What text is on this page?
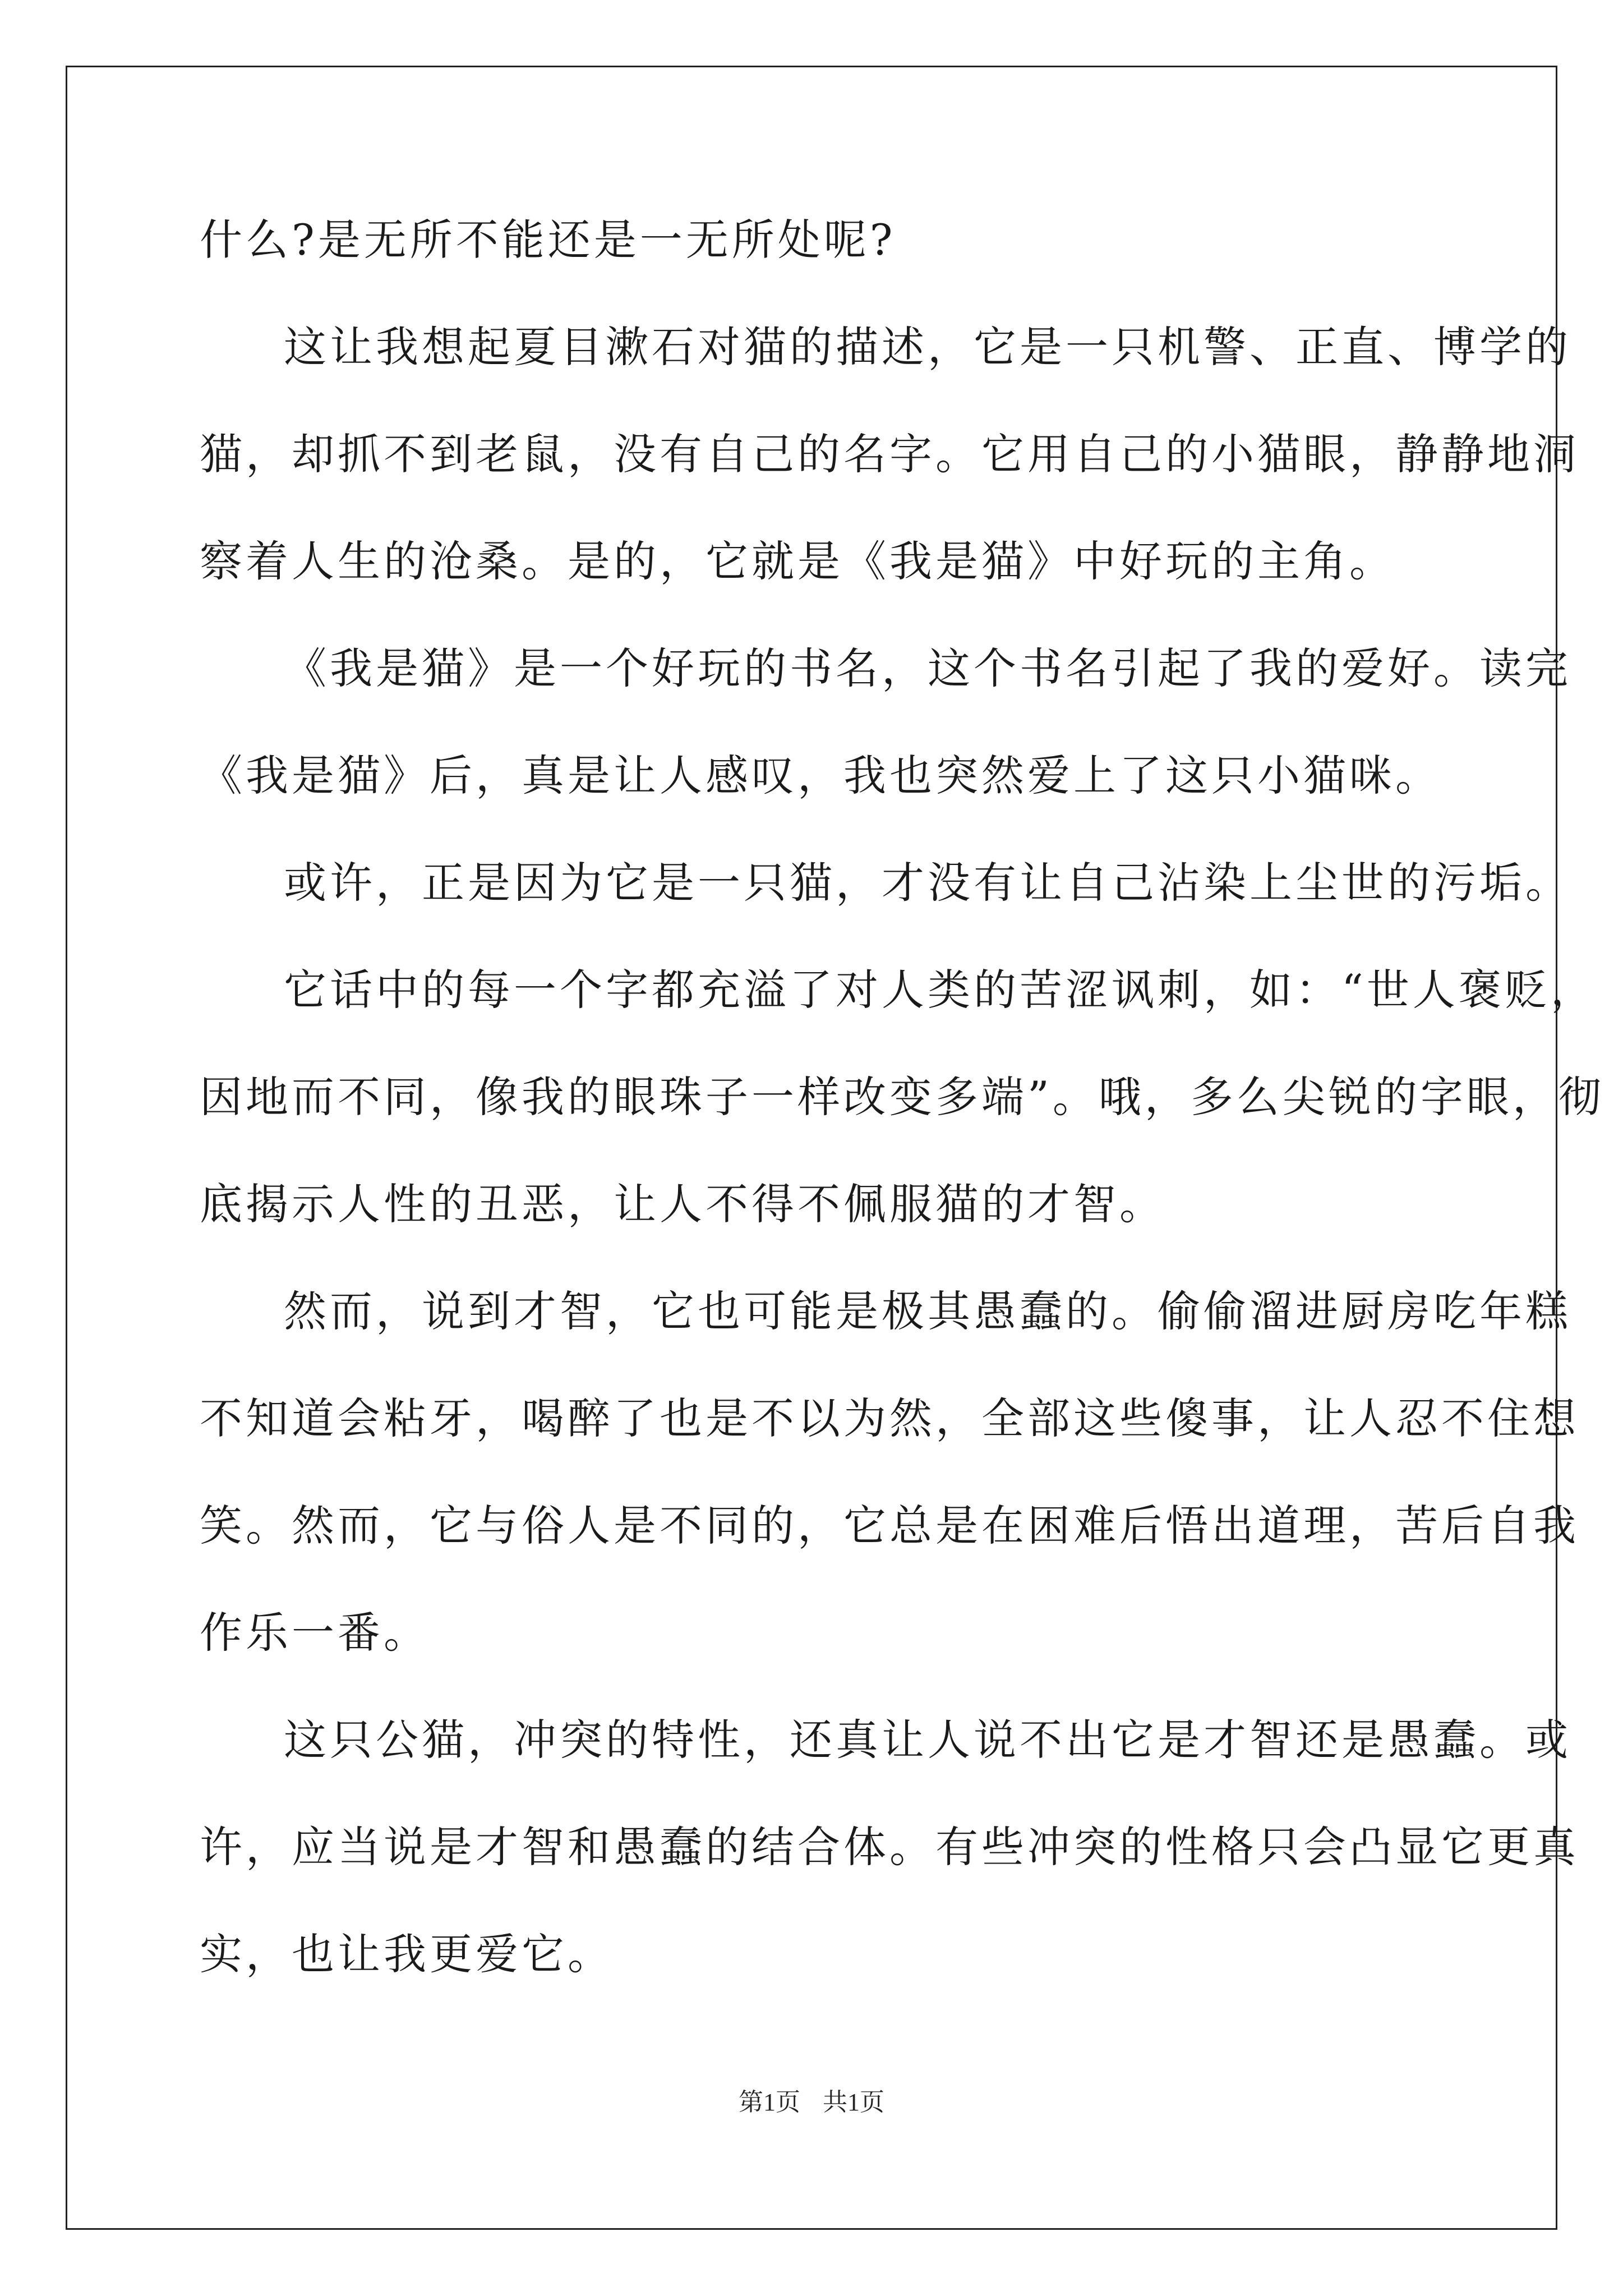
什么?是无所不能还是一无所处呢?

这让我想起夏目漱石对猫的描述，它是一只机警、正直、博学的

猫，却抓不到老鼠，没有自己的名字。它用自己的小猫眼，静静地洞

察着人生的沧桑。是的，它就是《我是猫》中好玩的主角。

《我是猫》是一个好玩的书名，这个书名引起了我的爱好。读完

《我是猫》后，真是让人感叹，我也突然爱上了这只小猫咪。

或许，正是因为它是一只猫，才没有让自己沾染上尘世的污垢。

它话中的每一个字都充溢了对人类的苦涩讽刺，如：“世人褒贬，

因地而不同，像我的眼珠子一样改变多端”。哦，多么尖锐的字眼，彻

底揭示人性的丑恶，让人不得不佩服猫的才智。

然而，说到才智，它也可能是极其愚蠢的。偷偷溜进厨房吃年糕

不知道会粘牙，喝醉了也是不以为然，全部这些傻事，让人忍不住想

笑。然而，它与俗人是不同的，它总是在困难后悟出道理，苦后自我

作乐一番。

这只公猫，冲突的特性，还真让人说不出它是才智还是愚蠢。或

许，应当说是才智和愚蠢的结合体。有些冲突的性格只会凸显它更真

实，也让我更爱它。

第1页 共1页
